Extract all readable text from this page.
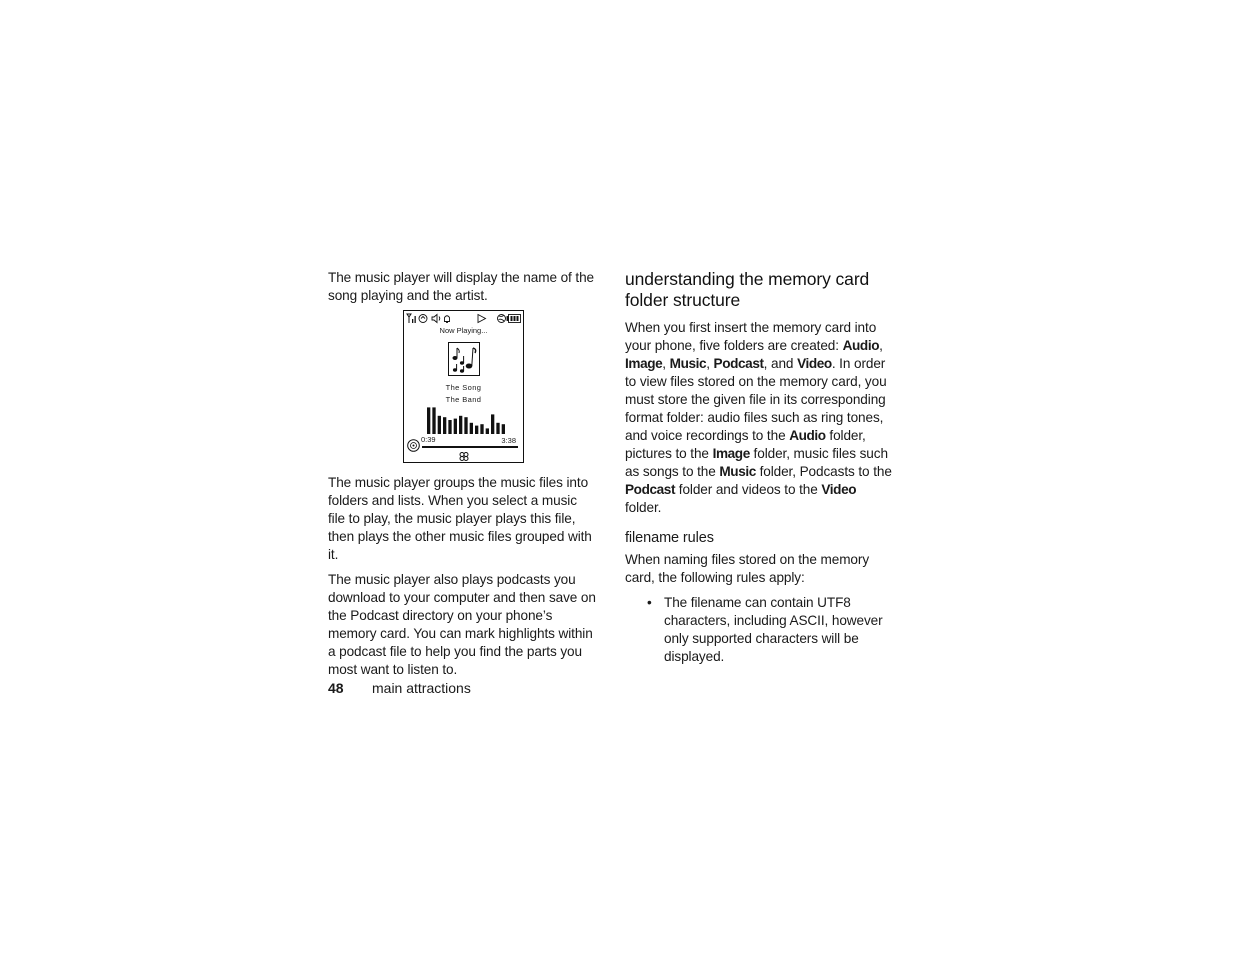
The music player will display the name of the song playing and the artist.

The music player groups the music files into folders and lists. When you select a music file to play, the music player plays this file, then plays the other music files grouped with it.

The music player also plays podcasts you download to your computer and then save on the Podcast directory on your phone’s memory card. You can mark highlights within a podcast file to help you find the parts you most want to listen to.

Now Playing...
The Song
The Band
0:39	3:38
understanding the memory card folder structure

When you first insert the memory card into your phone, five folders are created: Audio, Image, Music, Podcast, and Video. In order to view files stored on the memory card, you must store the given file in its corresponding format folder: audio files such as ring tones, and voice recordings to the Audio folder, pictures to the Image folder, music files such as songs to the Music folder, Podcasts to the Podcast folder and videos to the Video folder.

filename rules

When naming files stored on the memory card, the following rules apply:

• The filename can contain UTF8 characters, including ASCII, however only supported characters will be displayed.
48 main attractions
